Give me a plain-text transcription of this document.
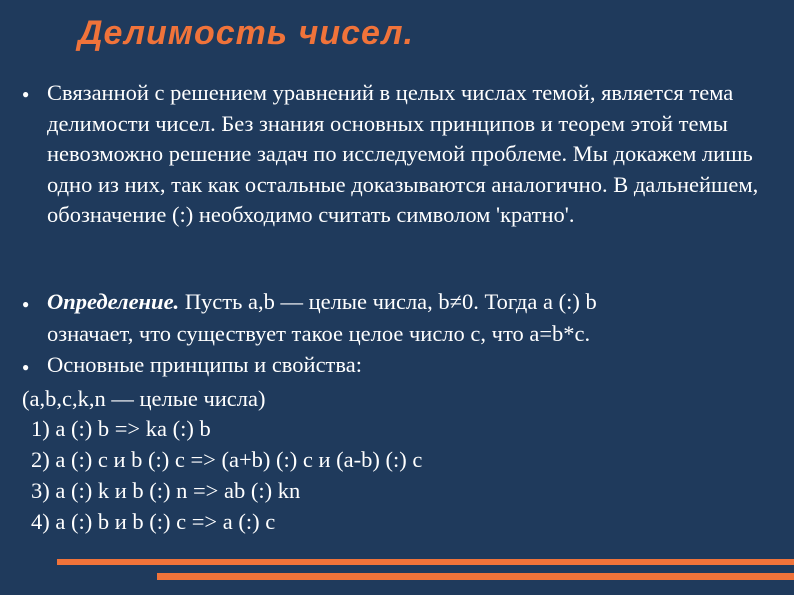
Делимость чисел.
● Связанной с решением уравнений в целых числах темой, является тема делимости чисел. Без знания основных принципов и теорем этой темы невозможно решение задач по исследуемой проблеме. Мы докажем лишь одно из них, так как остальные доказываются аналогично. В дальнейшем, обозначение (:) необходимо считать символом 'кратно'.

● Определение. Пусть a,b — целые числа, b≠0. Тогда a (:) b
означает, что существует такое целое число c, что a=b*c.
● Основные принципы и свойства:
(a,b,c,k,n — целые числа)
1) a (:) b => ka (:) b
2) a (:) c и b (:) c => (a+b) (:) c и (a-b) (:) c
3) a (:) k и b (:) n => ab (:) kn
4) a (:) b и b (:) c => a (:) c
